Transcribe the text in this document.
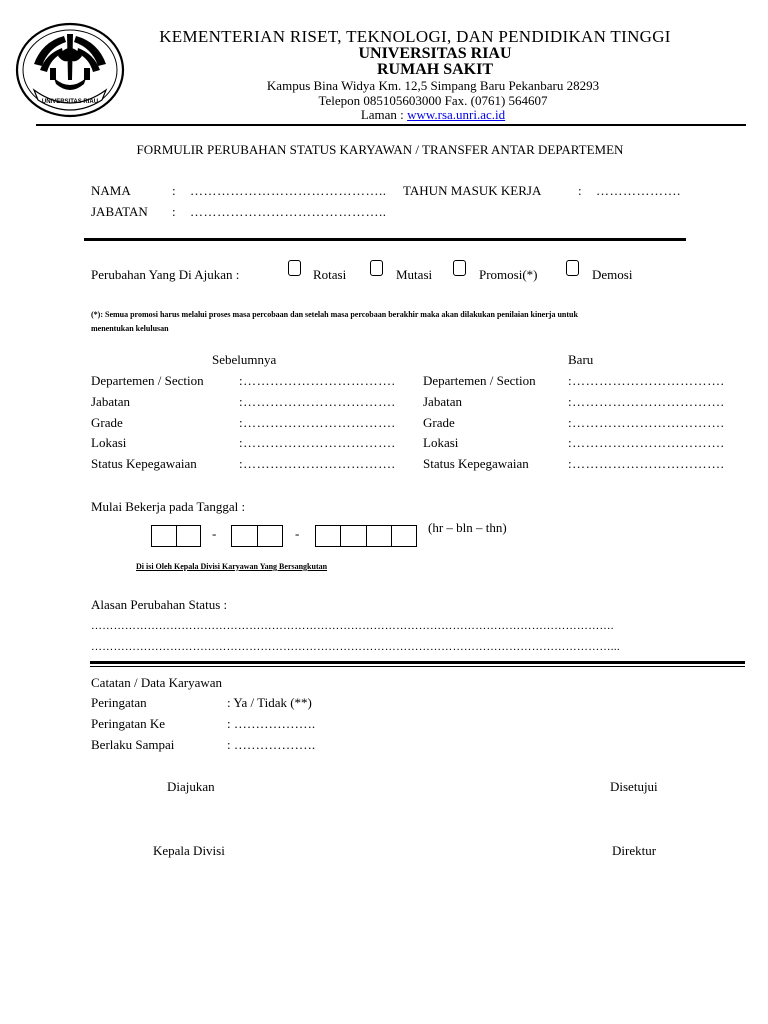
UNIVERSITAS RIAU
KEMENTERIAN RISET, TEKNOLOGI, DAN PENDIDIKAN TINGGI
UNIVERSITAS RIAU
RUMAH SAKIT
Kampus Bina Widya Km. 12,5 Simpang Baru Pekanbaru 28293
Telepon 085105603000 Fax. (0761) 564607
Laman : www.rsa.unri.ac.id
FORMULIR PERUBAHAN STATUS KARYAWAN / TRANSFER ANTAR DEPARTEMEN
NAMA	: …………………………………….. TAHUN MASUK KERJA	: ……………….
JABATAN : ……………………………………..
Perubahan Yang Di Ajukan :	Rotasi	Mutasi	Promosi(*)	Demosi
(*): Semua promosi harus melalui proses masa percobaan dan setelah masa percobaan berakhir maka akan dilakukan penilaian kinerja untuk
menentukan kelulusan
Sebelumnya	Baru
Departemen / Section	:……………………………. Departemen / Section :…………………………….
Jabatan	:……………………………. Jabatan	:…………………………….
Grade	:……………………………. Grade	:…………………………….
Lokasi	:……………………………. Lokasi	:…………………………….
Status Kepegawaian	:……………………………. Status Kepegawaian	:…………………………….
Mulai Bekerja pada Tanggal :
-	-	(hr – bln – thn)
Di isi Oleh Kepala Divisi Karyawan Yang Bersangkutan
Alasan Perubahan Status :
………………………………………………………………………………………………………………………….
…………………………………………………………………………………………………………………………...
Catatan / Data Karyawan
Peringatan	: Ya / Tidak (**)
Peringatan Ke	: ……………….
Berlaku Sampai	: ……………….
Diajukan	Disetujui
Kepala Divisi	Direktur
